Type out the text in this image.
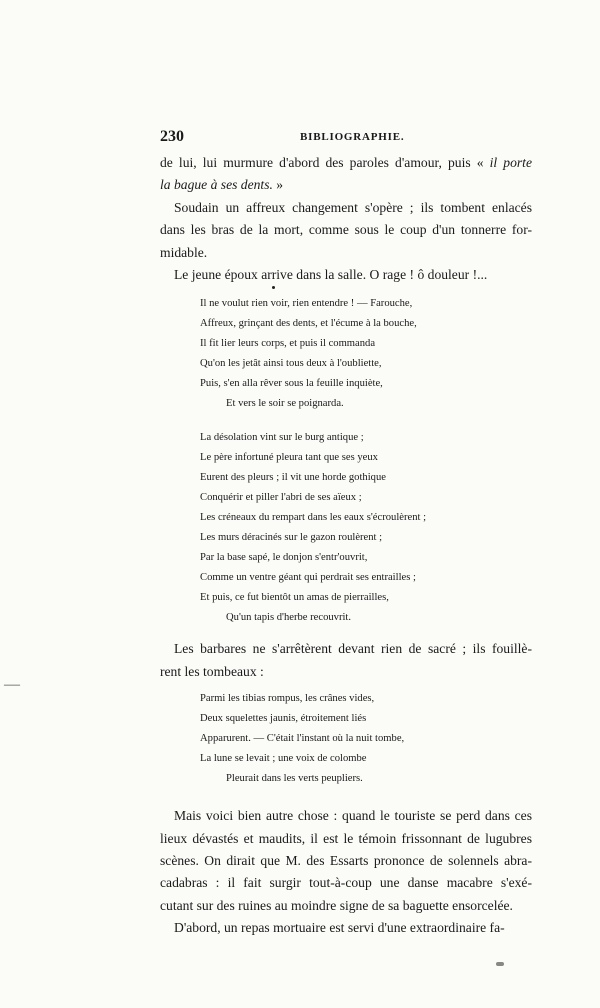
230	BIBLIOGRAPHIE.
de lui, lui murmure d'abord des paroles d'amour, puis « il porte
la bague à ses dents. »
Soudain un affreux changement s'opère ; ils tombent enlacés
dans les bras de la mort, comme sous le coup d'un tonnerre for-
midable.
Le jeune époux arrive dans la salle. O rage ! ô douleur !...
Il ne voulut rien voir, rien entendre ! — Farouche,
Affreux, grinçant des dents, et l'écume à la bouche,
Il fit lier leurs corps, et puis il commanda
Qu'on les jetât ainsi tous deux à l'oubliette,
Puis, s'en alla rêver sous la feuille inquiète,
Et vers le soir se poignarda.
La désolation vint sur le burg antique ;
Le père infortuné pleura tant que ses yeux
Eurent des pleurs ; il vit une horde gothique
Conquérir et piller l'abri de ses aïeux ;
Les créneaux du rempart dans les eaux s'écroulèrent ;
Les murs déracinés sur le gazon roulèrent ;
Par la base sapé, le donjon s'entr'ouvrit,
Comme un ventre géant qui perdrait ses entrailles ;
Et puis, ce fut bientôt un amas de pierrailles,
Qu'un tapis d'herbe recouvrit.
Les barbares ne s'arrêtèrent devant rien de sacré ; ils fouillè-
rent les tombeaux :
Parmi les tibias rompus, les crânes vides,
Deux squelettes jaunis, étroitement liés
Apparurent. — C'était l'instant où la nuit tombe,
La lune se levait ; une voix de colombe
Pleurait dans les verts peupliers.
Mais voici bien autre chose : quand le touriste se perd dans ces
lieux dévastés et maudits, il est le témoin frissonnant de lugubres
scènes. On dirait que M. des Essarts prononce de solennels abra-
cadabras : il fait surgir tout-à-coup une danse macabre s'exé-
cutant sur des ruines au moindre signe de sa baguette ensorcelée.
D'abord, un repas mortuaire est servi d'une extraordinaire fa-
―
